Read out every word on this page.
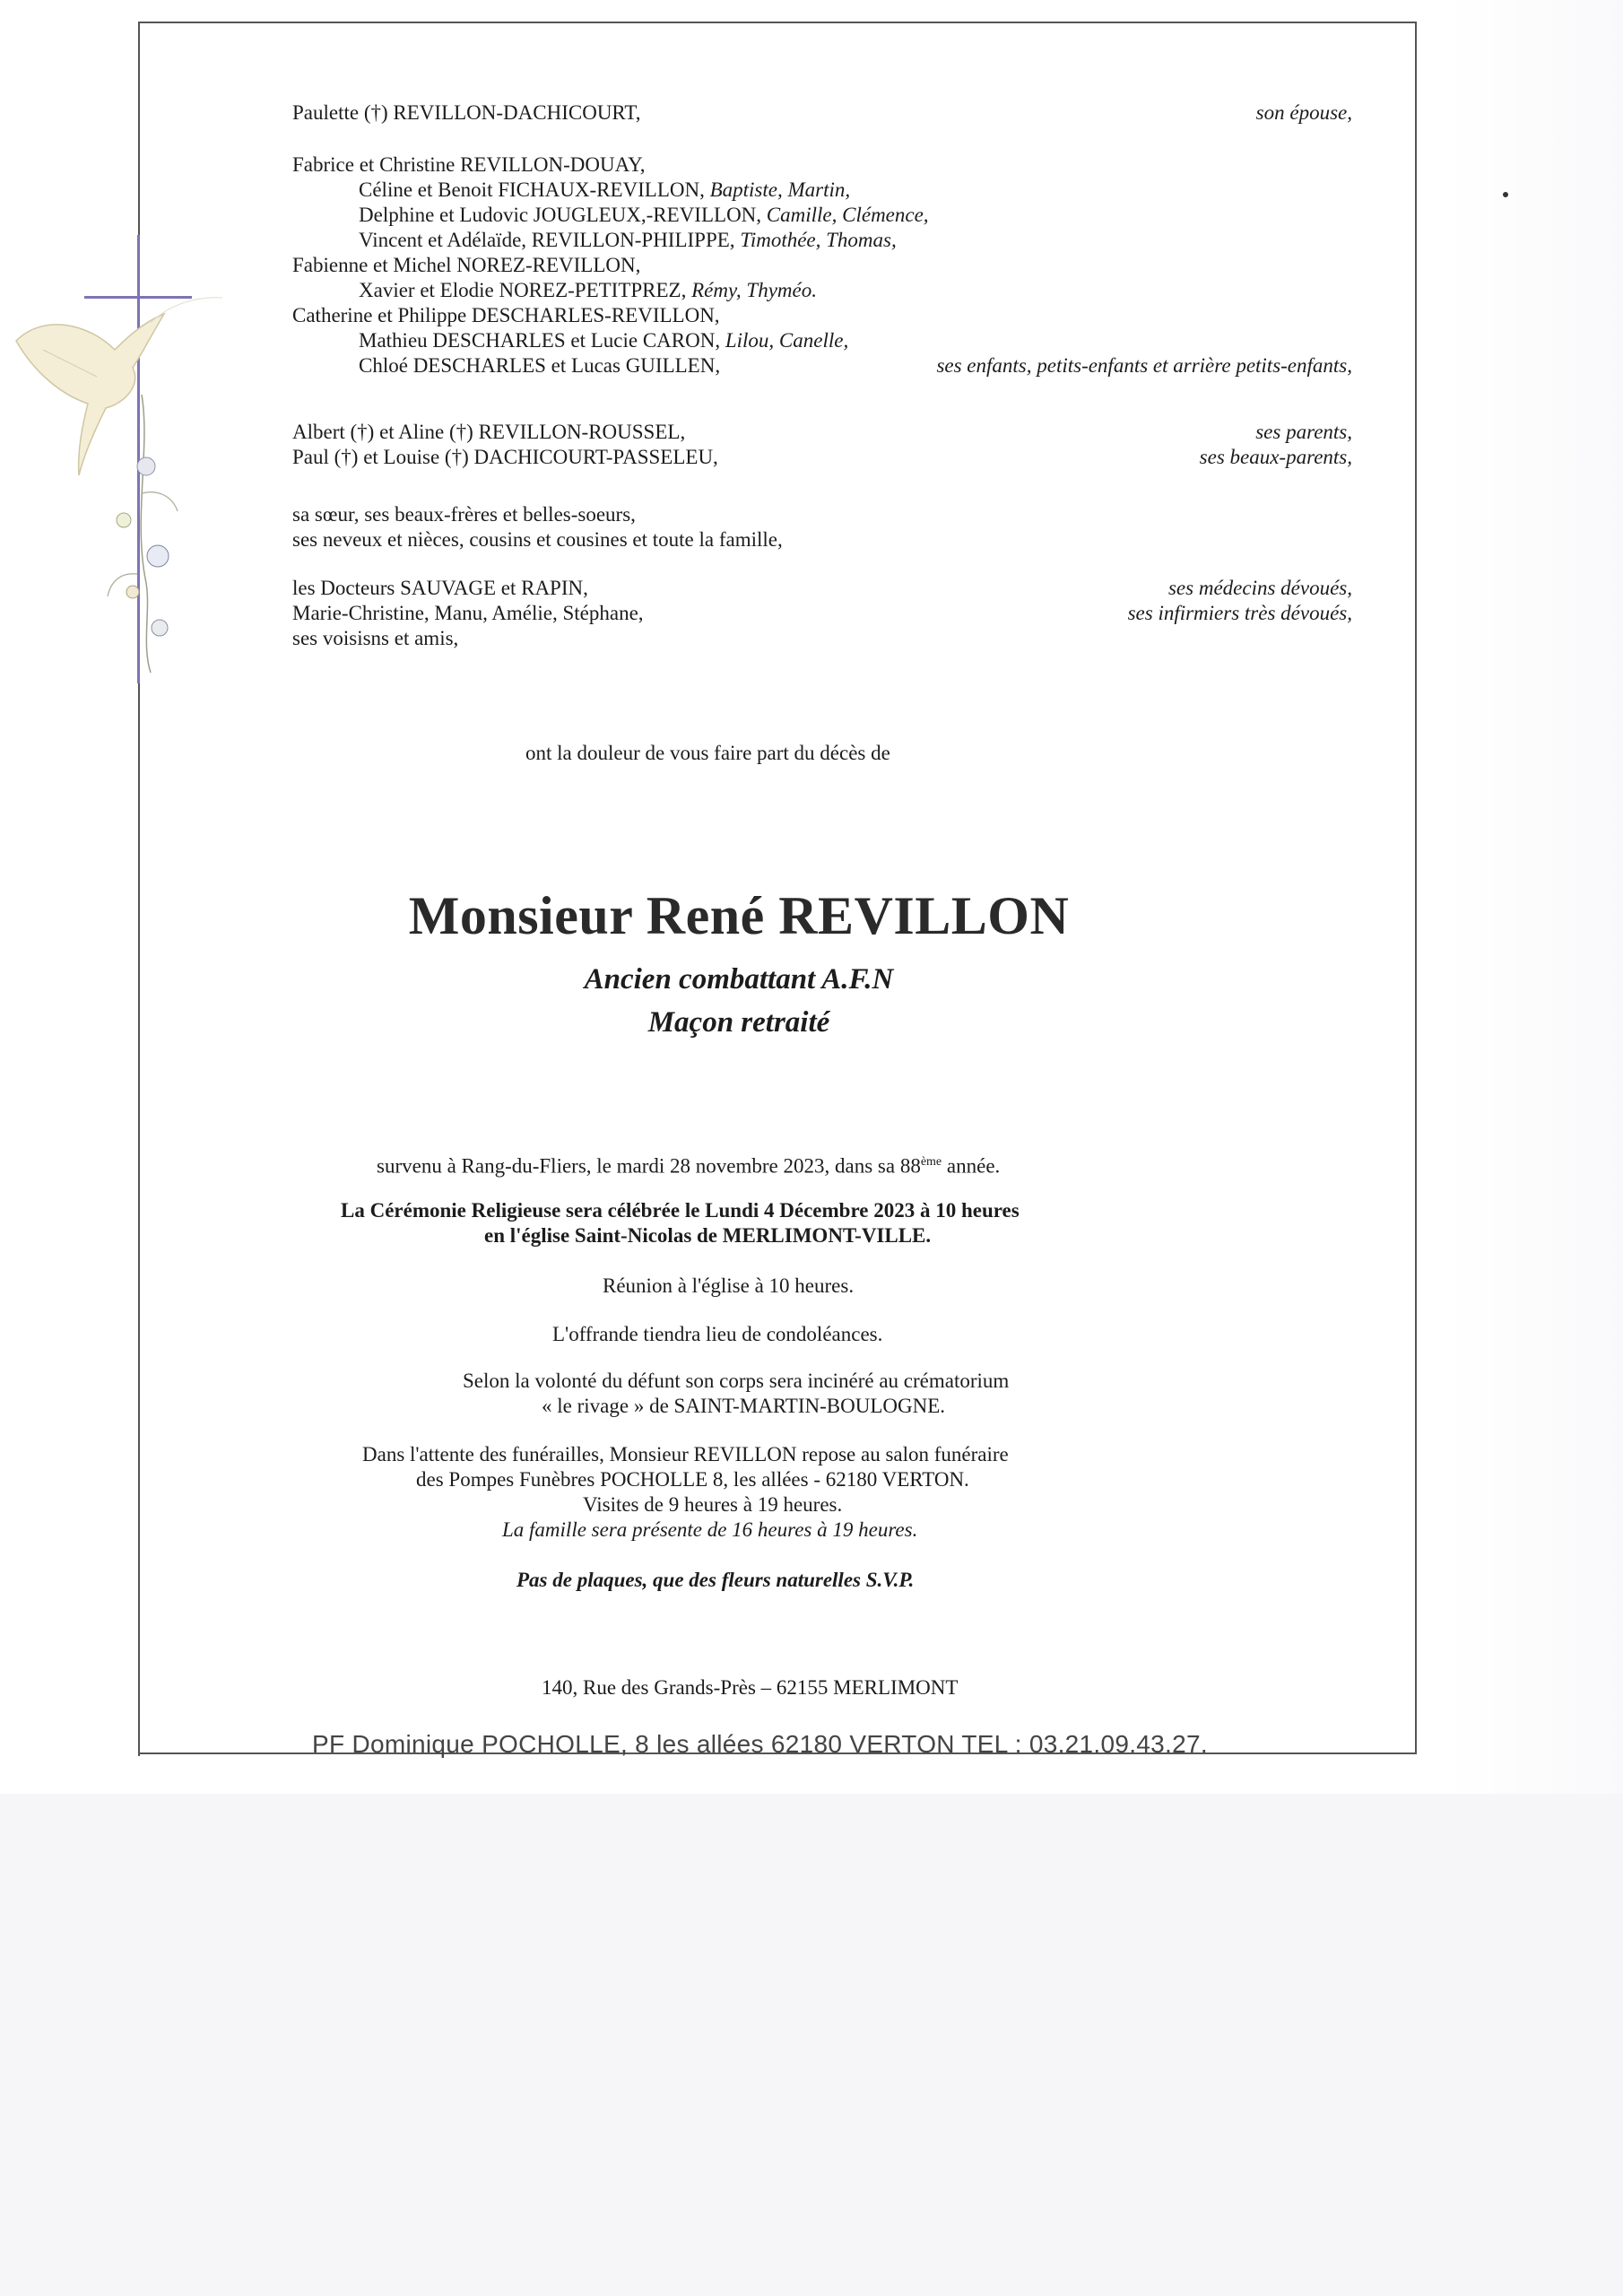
Paulette (†) REVILLON-DACHICOURT,	son épouse,
Fabrice et Christine REVILLON-DOUAY,
Céline et Benoit FICHAUX-REVILLON, Baptiste, Martin,
Delphine et Ludovic JOUGLEUX,-REVILLON, Camille, Clémence,
Vincent et Adélaïde, REVILLON-PHILIPPE, Timothée, Thomas,
Fabienne et Michel NOREZ-REVILLON,
Xavier et Elodie NOREZ-PETITPREZ, Rémy, Thyméo.
Catherine et Philippe DESCHARLES-REVILLON,
Mathieu DESCHARLES et Lucie CARON, Lilou, Canelle,
Chloé DESCHARLES et Lucas GUILLEN,	ses enfants, petits-enfants et arrière petits-enfants,
Albert (†) et Aline (†) REVILLON-ROUSSEL,	ses parents,
Paul (†) et Louise (†) DACHICOURT-PASSELEU,	ses beaux-parents,
sa sœur, ses beaux-frères et belles-soeurs,
ses neveux et nièces, cousins et cousines et toute la famille,
les Docteurs SAUVAGE et RAPIN,	ses médecins dévoués,
Marie-Christine, Manu, Amélie, Stéphane,	ses infirmiers très dévoués,
ses voisisns et amis,
ont la douleur de vous faire part du décès de
Monsieur René REVILLON
Ancien combattant A.F.N
Maçon retraité
survenu à Rang-du-Fliers, le mardi 28 novembre 2023, dans sa 88ème année.
La Cérémonie Religieuse sera célébrée le Lundi 4 Décembre 2023 à 10 heures
en l'église Saint-Nicolas de MERLIMONT-VILLE.
Réunion à l'église à 10 heures.
L'offrande tiendra lieu de condoléances.
Selon la volonté du défunt son corps sera incinéré au crématorium
« le rivage » de SAINT-MARTIN-BOULOGNE.
Dans l'attente des funérailles, Monsieur REVILLON repose au salon funéraire
des Pompes Funèbres POCHOLLE 8, les allées - 62180 VERTON.
Visites de 9 heures à 19 heures.
La famille sera présente de 16 heures à 19 heures.
Pas de plaques, que des fleurs naturelles S.V.P.
140, Rue des Grands-Près – 62155 MERLIMONT
PF Dominique POCHOLLE, 8 les allées 62180 VERTON TEL : 03.21.09.43.27.
